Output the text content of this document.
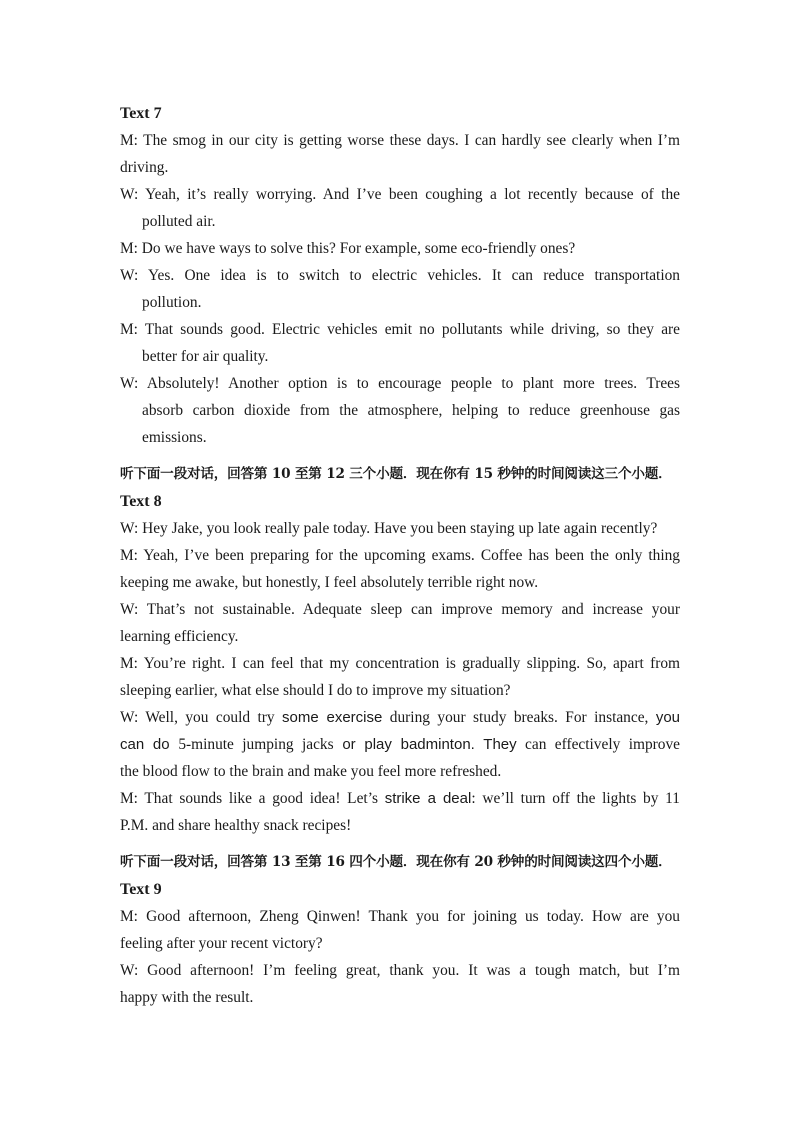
Text 7
M: The smog in our city is getting worse these days. I can hardly see clearly when I’m
driving.
W: Yeah, it’s really worrying. And I’ve been coughing a lot recently because of the
polluted air.
M: Do we have ways to solve this? For example, some eco-friendly ones?
W: Yes. One idea is to switch to electric vehicles. It can reduce transportation
pollution.
M: That sounds good. Electric vehicles emit no pollutants while driving, so they are
better for air quality.
W: Absolutely! Another option is to encourage people to plant more trees. Trees
absorb carbon dioxide from the atmosphere, helping to reduce greenhouse gas
emissions.
听下面一段对话，回答第 10 至第 12 三个小题．现在你有 15 秒钟的时间阅读这三个小题．
Text 8
W: Hey Jake, you look really pale today. Have you been staying up late again recently?
M: Yeah, I’ve been preparing for the upcoming exams. Coffee has been the only thing
keeping me awake, but honestly, I feel absolutely terrible right now.
W: That’s not sustainable. Adequate sleep can improve memory and increase your
learning efficiency.
M: You’re right. I can feel that my concentration is gradually slipping. So, apart from
sleeping earlier, what else should I do to improve my situation?
W: Well, you could try some exercise during your study breaks. For instance, you
can do 5-minute jumping jacks or play badminton. They can effectively improve
the blood flow to the brain and make you feel more refreshed.
M: That sounds like a good idea! Let’s strike a deal: we’ll turn off the lights by 11
P.M. and share healthy snack recipes!
听下面一段对话，回答第 13 至第 16 四个小题．现在你有 20 秒钟的时间阅读这四个小题．
Text 9
M: Good afternoon, Zheng Qinwen! Thank you for joining us today. How are you
feeling after your recent victory?
W: Good afternoon! I’m feeling great, thank you. It was a tough match, but I’m
happy with the result.
